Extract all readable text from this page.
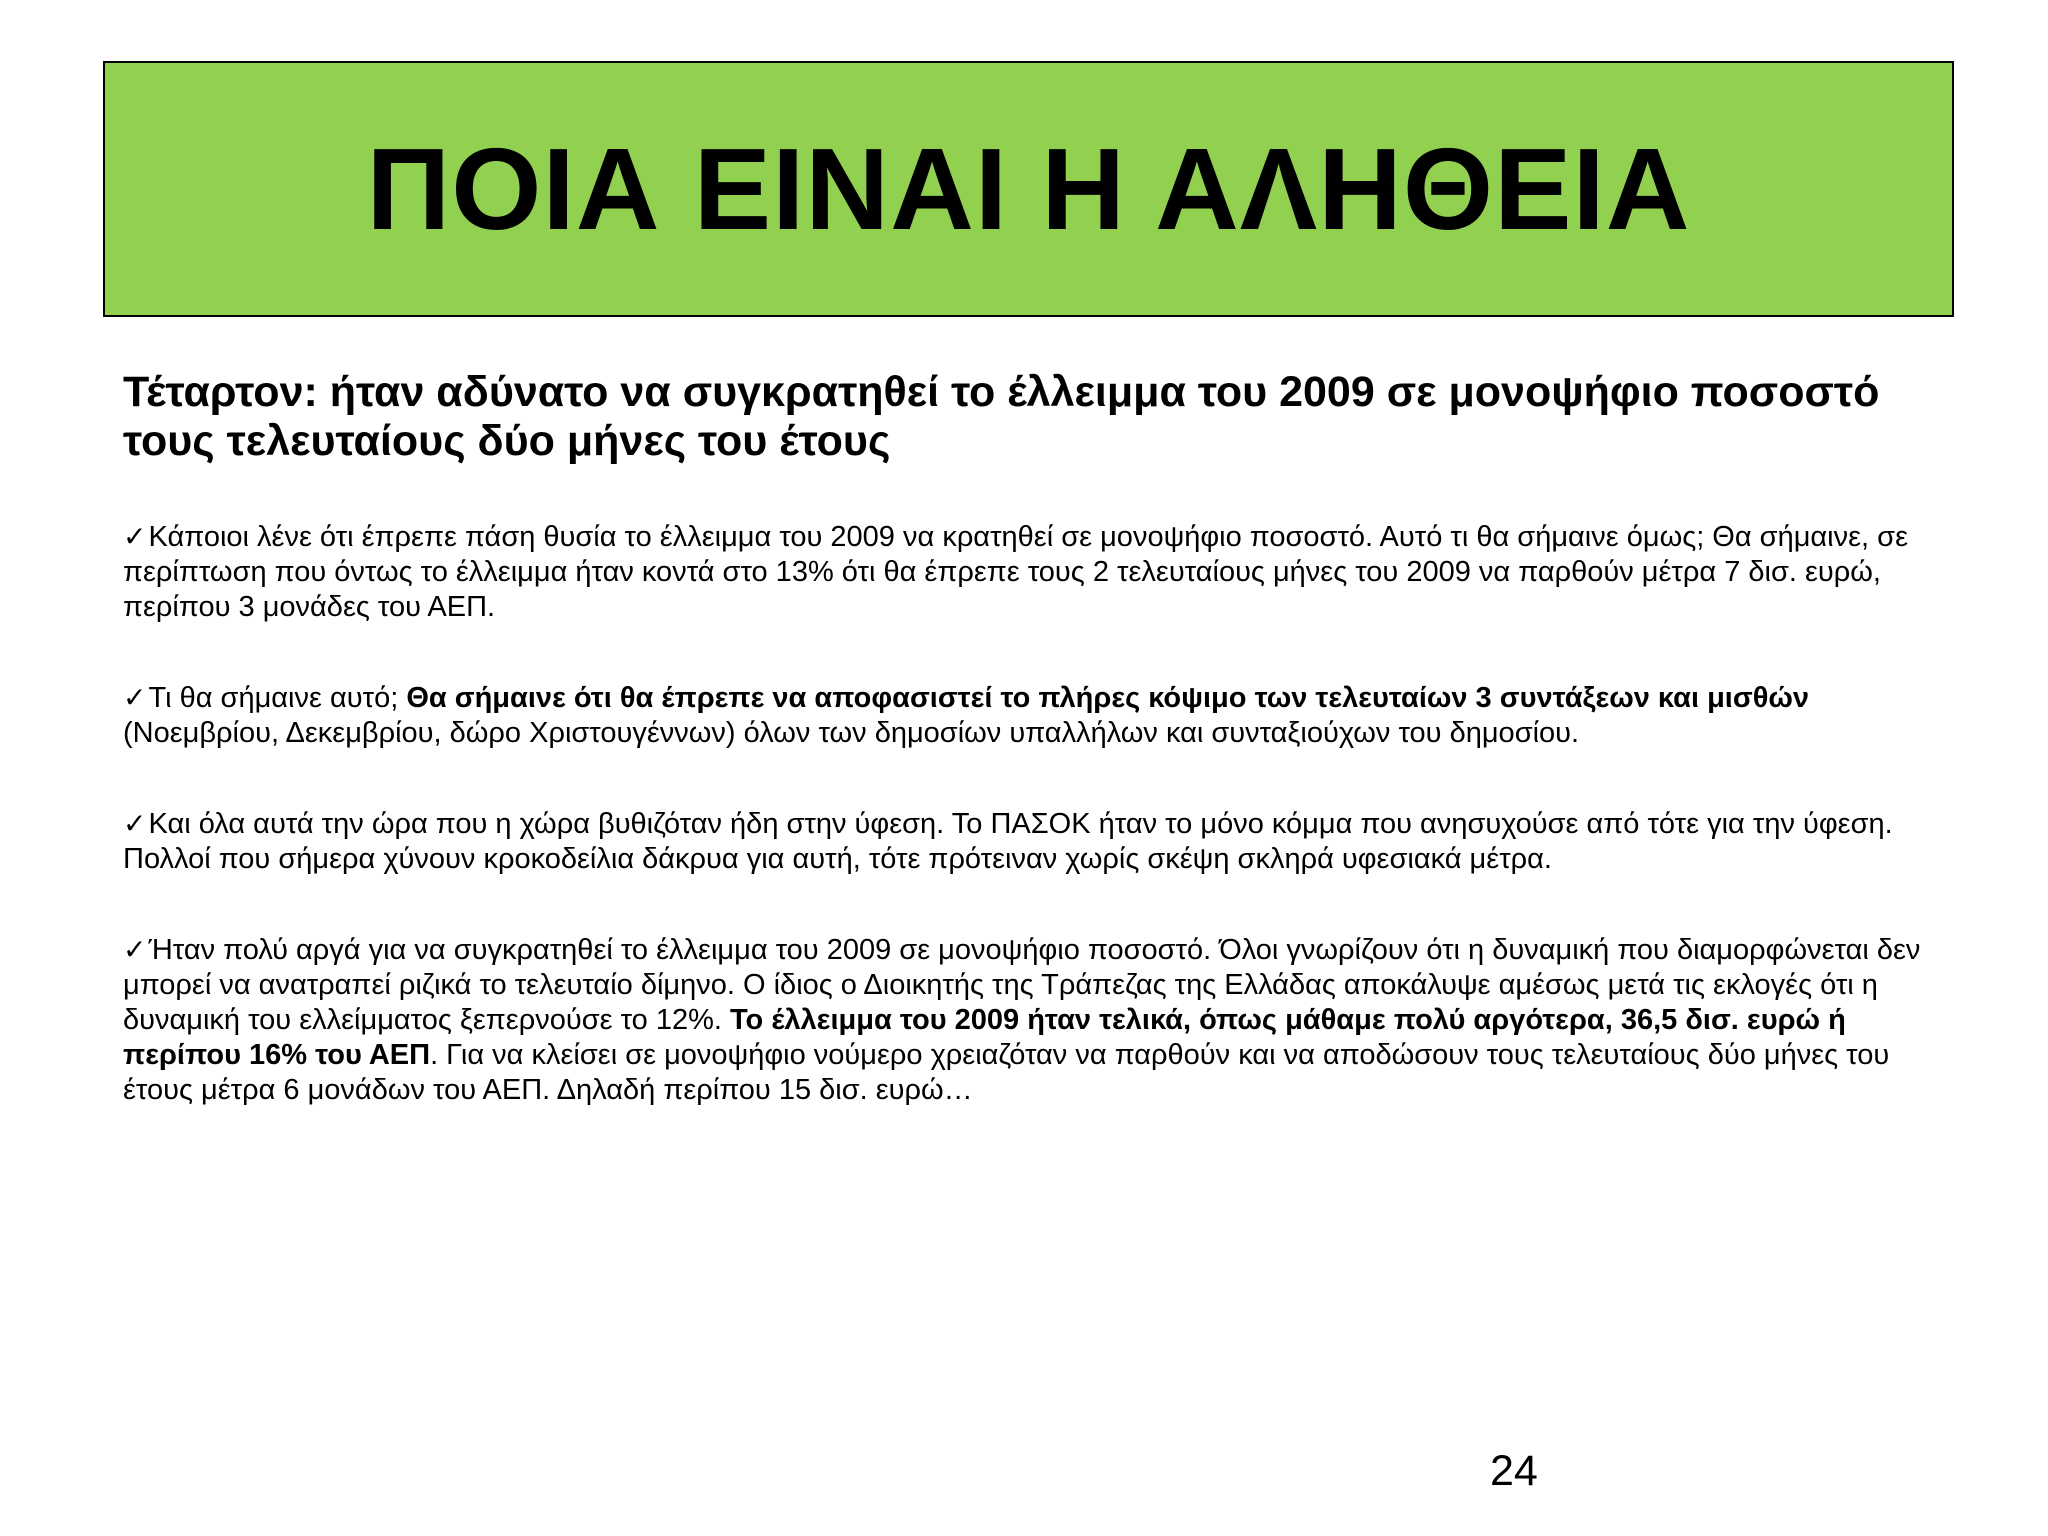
ΠΟΙΑ ΕΙΝΑΙ Η ΑΛΗΘΕΙΑ
Τέταρτον: ήταν αδύνατο να συγκρατηθεί το έλλειμμα του 2009 σε μονοψήφιο ποσοστό τους τελευταίους δύο μήνες του έτους
✓Κάποιοι λένε ότι έπρεπε πάση θυσία το έλλειμμα του 2009 να κρατηθεί σε μονοψήφιο ποσοστό. Αυτό τι θα σήμαινε όμως; Θα σήμαινε, σε περίπτωση που όντως το έλλειμμα ήταν κοντά στο 13% ότι θα έπρεπε τους 2 τελευταίους μήνες του 2009 να παρθούν μέτρα 7 δισ. ευρώ, περίπου 3 μονάδες του ΑΕΠ.
✓Τι θα σήμαινε αυτό; Θα σήμαινε ότι θα έπρεπε να αποφασιστεί το πλήρες κόψιμο των τελευταίων 3 συντάξεων και μισθών (Νοεμβρίου, Δεκεμβρίου, δώρο Χριστουγέννων) όλων των δημοσίων υπαλλήλων και συνταξιούχων του δημοσίου.
✓Και όλα αυτά την ώρα που η χώρα βυθιζόταν ήδη στην ύφεση. Το ΠΑΣΟΚ ήταν το μόνο κόμμα που ανησυχούσε από τότε για την ύφεση. Πολλοί που σήμερα χύνουν κροκοδείλια δάκρυα για αυτή, τότε πρότειναν χωρίς σκέψη σκληρά υφεσιακά μέτρα.
✓Ήταν πολύ αργά για να συγκρατηθεί το έλλειμμα του 2009 σε μονοψήφιο ποσοστό. Όλοι γνωρίζουν ότι η δυναμική που διαμορφώνεται δεν μπορεί να ανατραπεί ριζικά το τελευταίο δίμηνο. Ο ίδιος ο Διοικητής της Τράπεζας της Ελλάδας αποκάλυψε αμέσως μετά τις εκλογές ότι η δυναμική του ελλείμματος ξεπερνούσε το 12%. Το έλλειμμα του 2009 ήταν τελικά, όπως μάθαμε πολύ αργότερα, 36,5 δισ. ευρώ ή περίπου 16% του ΑΕΠ. Για να κλείσει σε μονοψήφιο νούμερο χρειαζόταν να παρθούν και να αποδώσουν τους τελευταίους δύο μήνες του έτους μέτρα 6 μονάδων του ΑΕΠ. Δηλαδή περίπου 15 δισ. ευρώ…
24
